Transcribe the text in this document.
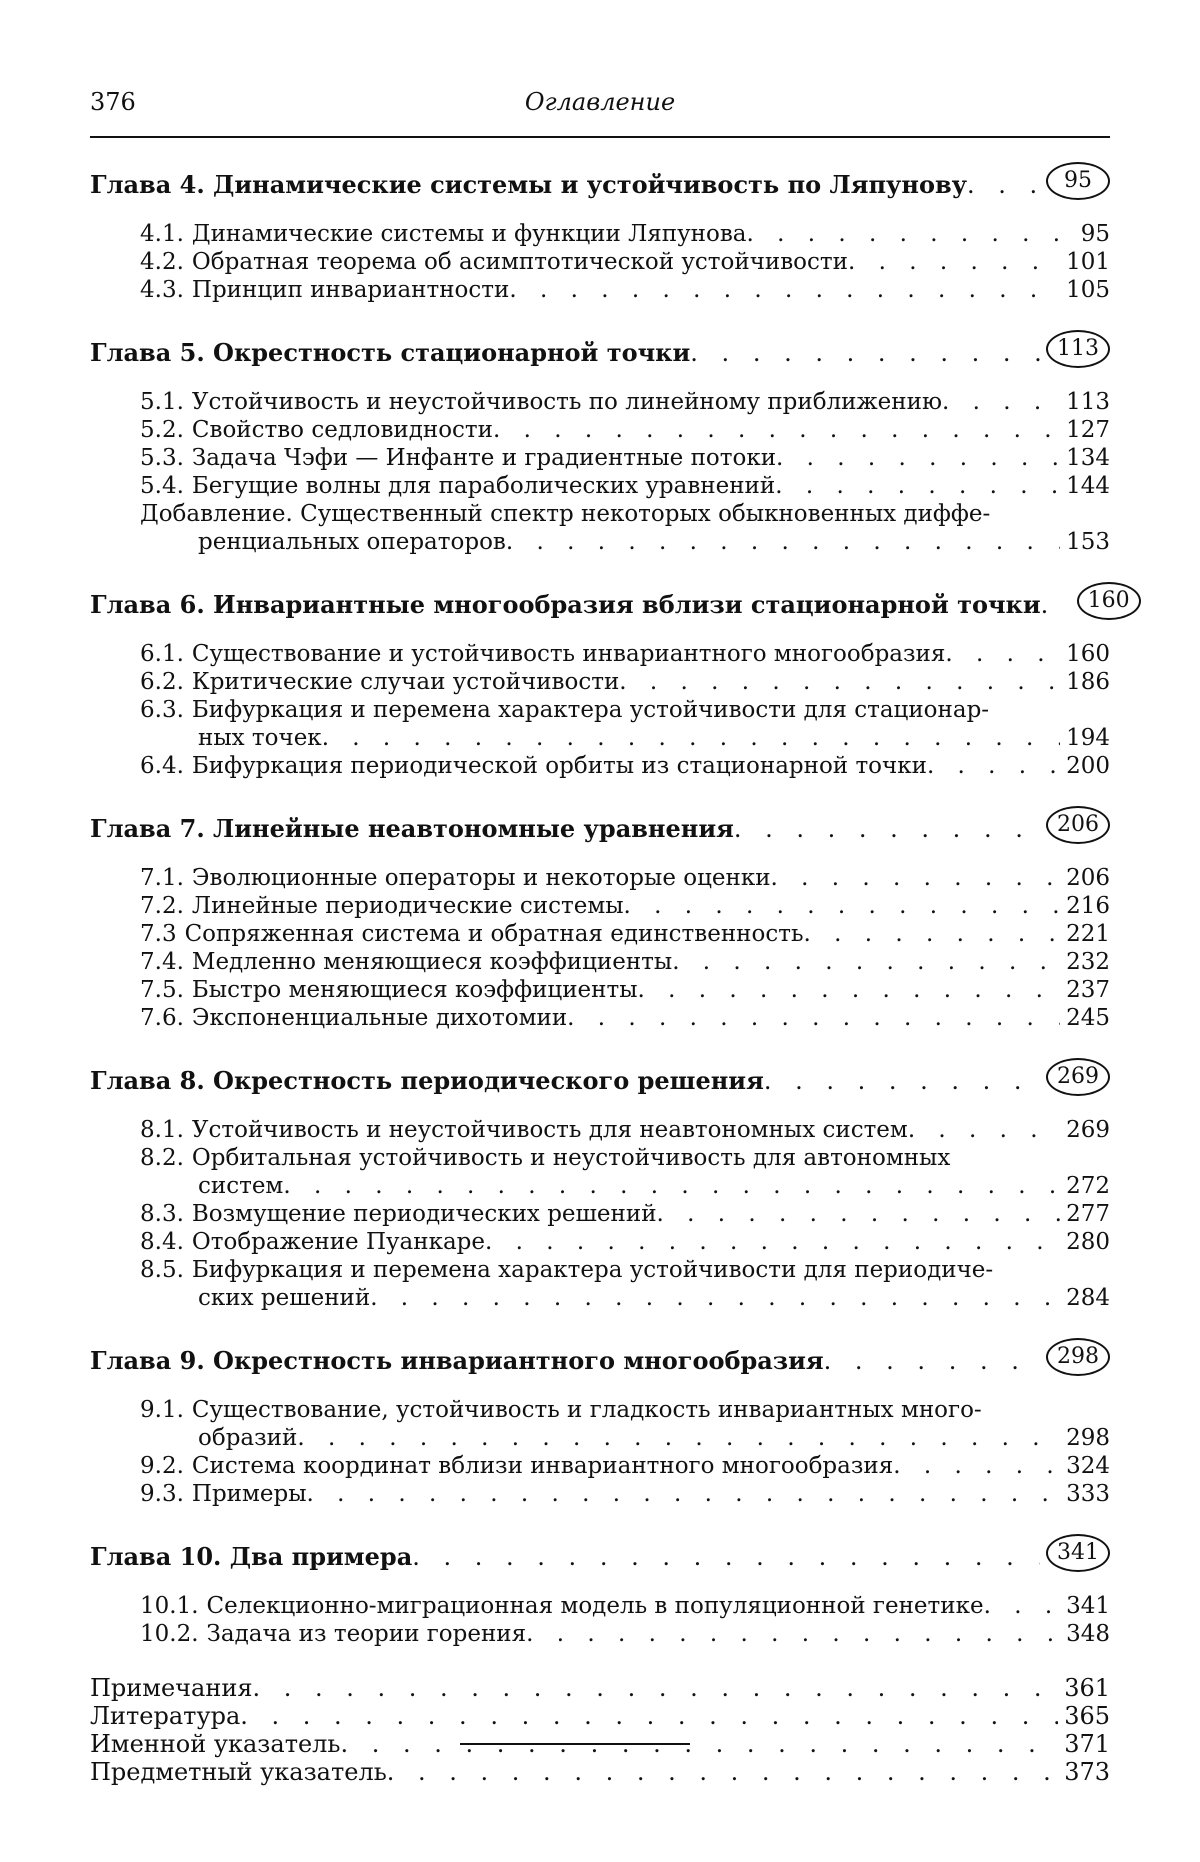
376	Оглавление
Глава 4. Динамические системы и устойчивость по Ляпунову . . .	95
4.1. Динамические системы и функции Ляпунова . . .	95
4.2. Обратная теорема об асимптотической устойчивости . . .	101
4.3. Принцип инвариантности . . .	105
Глава 5. Окрестность стационарной точки . . .	113
5.1. Устойчивость и неустойчивость по линейному приближению . . .	113
5.2. Свойство седловидности . . .	127
5.3. Задача Чэфи — Инфанте и градиентные потоки . . .	134
5.4. Бегущие волны для параболических уравнений . . .	144
Добавление. Существенный спектр некоторых обыкновенных диффе-
ренциальных операторов . . .	153
Глава 6. Инвариантные многообразия вблизи стационарной точки . . .	160
6.1. Существование и устойчивость инвариантного многообразия . . .	160
6.2. Критические случаи устойчивости . . .	186
6.3. Бифуркация и перемена характера устойчивости для стационар-
ных точек . . .	194
6.4. Бифуркация периодической орбиты из стационарной точки . . .	200
Глава 7. Линейные неавтономные уравнения . . .	206
7.1. Эволюционные операторы и некоторые оценки . . .	206
7.2. Линейные периодические системы . . .	216
7.3 Сопряженная система и обратная единственность . . .	221
7.4. Медленно меняющиеся коэффициенты . . .	232
7.5. Быстро меняющиеся коэффициенты . . .	237
7.6. Экспоненциальные дихотомии . . .	245
Глава 8. Окрестность периодического решения . . .	269
8.1. Устойчивость и неустойчивость для неавтономных систем . . .	269
8.2. Орбитальная устойчивость и неустойчивость для автономных
систем . . .	272
8.3. Возмущение периодических решений . . .	277
8.4. Отображение Пуанкаре . . .	280
8.5. Бифуркация и перемена характера устойчивости для периодиче-
ских решений . . .	284
Глава 9. Окрестность инвариантного многообразия . . .	298
9.1. Существование, устойчивость и гладкость инвариантных много-
образий . . .	298
9.2. Система координат вблизи инвариантного многообразия . . .	324
9.3. Примеры . . .	333
Глава 10. Два примера . . .	341
10.1. Селекционно-миграционная модель в популяционной генетике . . .	341
10.2. Задача из теории горения . . .	348
Примечания . . .	361
Литература . . .	365
Именной указатель . . .	371
Предметный указатель . . .	373
